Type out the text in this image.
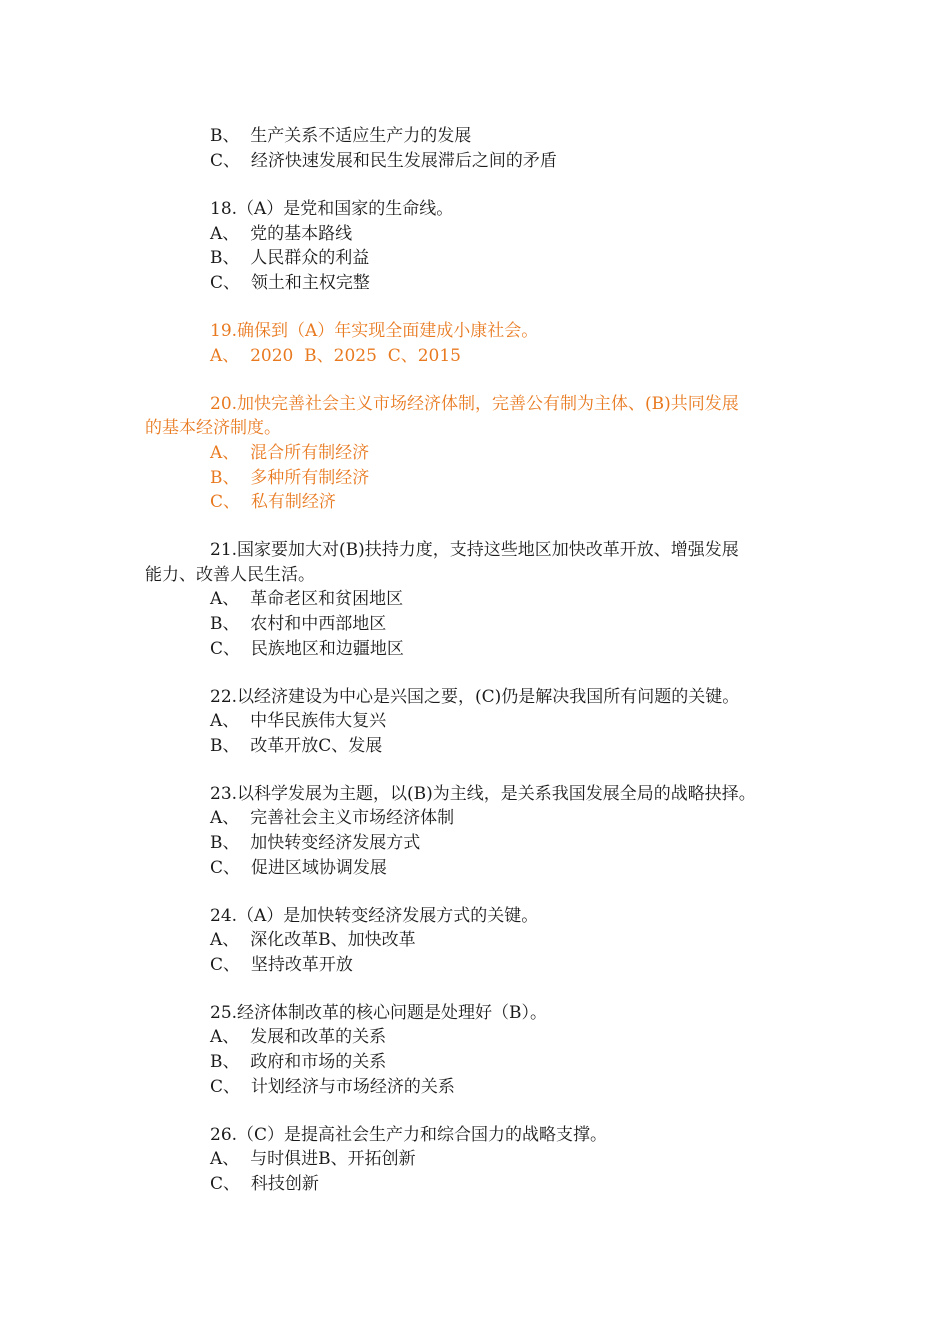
B、  生产关系不适应生产力的发展
C、  经济快速发展和民生发展滞后之间的矛盾
18.（A）是党和国家的生命线。
A、  党的基本路线
B、  人民群众的利益
C、  领土和主权完整
19.确保到（A）年实现全面建成小康社会。
A、  2020  B、2025  C、2015
20.加快完善社会主义市场经济体制，完善公有制为主体、(B)共同发展
的基本经济制度。
A、  混合所有制经济
B、  多种所有制经济
C、  私有制经济
21.国家要加大对(B)扶持力度，支持这些地区加快改革开放、增强发展
能力、改善人民生活。
A、  革命老区和贫困地区
B、  农村和中西部地区
C、  民族地区和边疆地区
22.以经济建设为中心是兴国之要，(C)仍是解决我国所有问题的关键。
A、  中华民族伟大复兴
B、  改革开放C、发展
23.以科学发展为主题，以(B)为主线，是关系我国发展全局的战略抉择。
A、  完善社会主义市场经济体制
B、  加快转变经济发展方式
C、  促进区域协调发展
24.（A）是加快转变经济发展方式的关键。
A、  深化改革B、加快改革
C、  坚持改革开放
25.经济体制改革的核心问题是处理好（B）。
A、  发展和改革的关系
B、  政府和市场的关系
C、  计划经济与市场经济的关系
26.（C）是提高社会生产力和综合国力的战略支撑。
A、  与时俱进B、开拓创新
C、  科技创新
